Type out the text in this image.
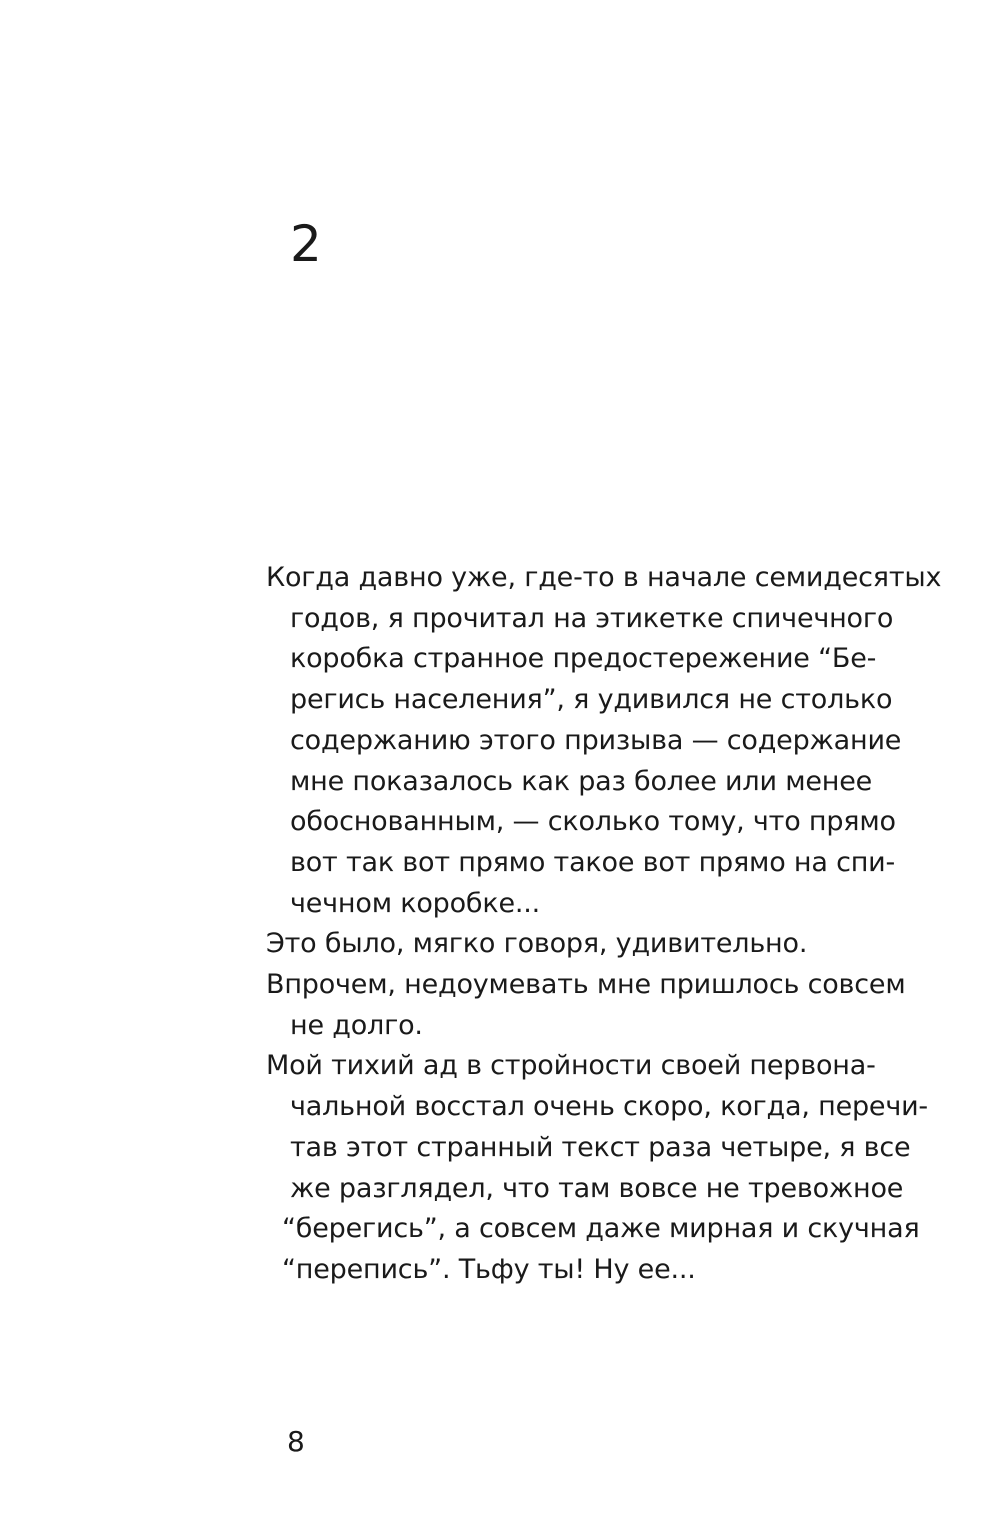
2

Когда давно уже, где-то в начале семидесятых
годов, я прочитал на этикетке спичечного
коробка странное предостережение “Бе-
регись населения”, я удивился не столько
содержанию этого призыва — содержание
мне показалось как раз более или менее
обоснованным, — сколько тому, что прямо
вот так вот прямо такое вот прямо на спи-
чечном коробке...

Это было, мягко говоря, удивительно.

Впрочем, недоумевать мне пришлось совсем
не долго.

Мой тихий ад в стройности своей первона-
чальной восстал очень скоро, когда, перечи-
тав этот странный текст раза четыре, я все
же разглядел, что там вовсе не тревожное
“берегись”, а совсем даже мирная и скучная
“перепись”. Тьфу ты! Ну ее...

8
